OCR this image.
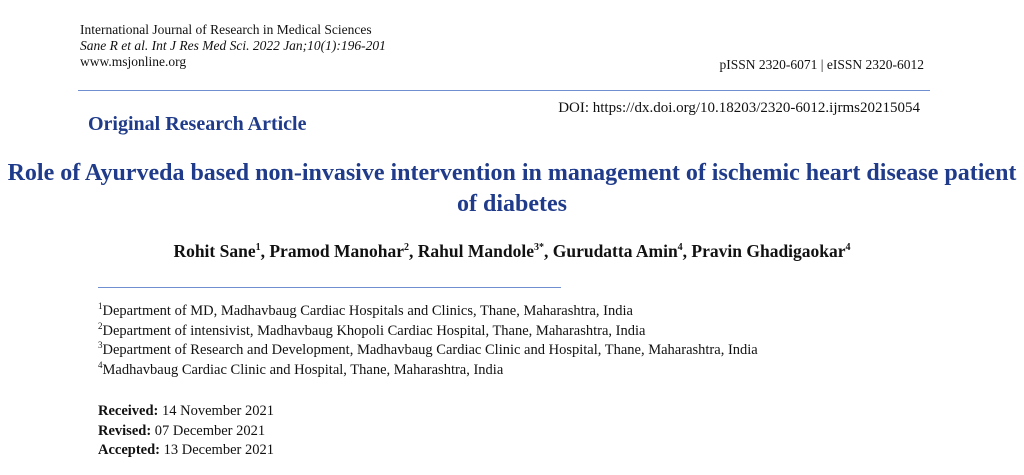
International Journal of Research in Medical Sciences
Sane R et al. Int J Res Med Sci. 2022 Jan;10(1):196-201
www.msjonline.org	pISSN 2320-6071 | eISSN 2320-6012
DOI: https://dx.doi.org/10.18203/2320-6012.ijrms20215054
Original Research Article
Role of Ayurveda based non-invasive intervention in management of ischemic heart disease patient of diabetes
Rohit Sane$^1$, Pramod Manohar$^2$, Rahul Mandole$^{3*}$, Gurudatta Amin$^4$, Pravin Ghadigaokar$^4$
$^1$Department of MD, Madhavbaug Cardiac Hospitals and Clinics, Thane, Maharashtra, India
$^2$Department of intensivist, Madhavbaug Khopoli Cardiac Hospital, Thane, Maharashtra, India
$^3$Department of Research and Development, Madhavbaug Cardiac Clinic and Hospital, Thane, Maharashtra, India
$^4$Madhavbaug Cardiac Clinic and Hospital, Thane, Maharashtra, India
Received: 14 November 2021
Revised: 07 December 2021
Accepted: 13 December 2021
